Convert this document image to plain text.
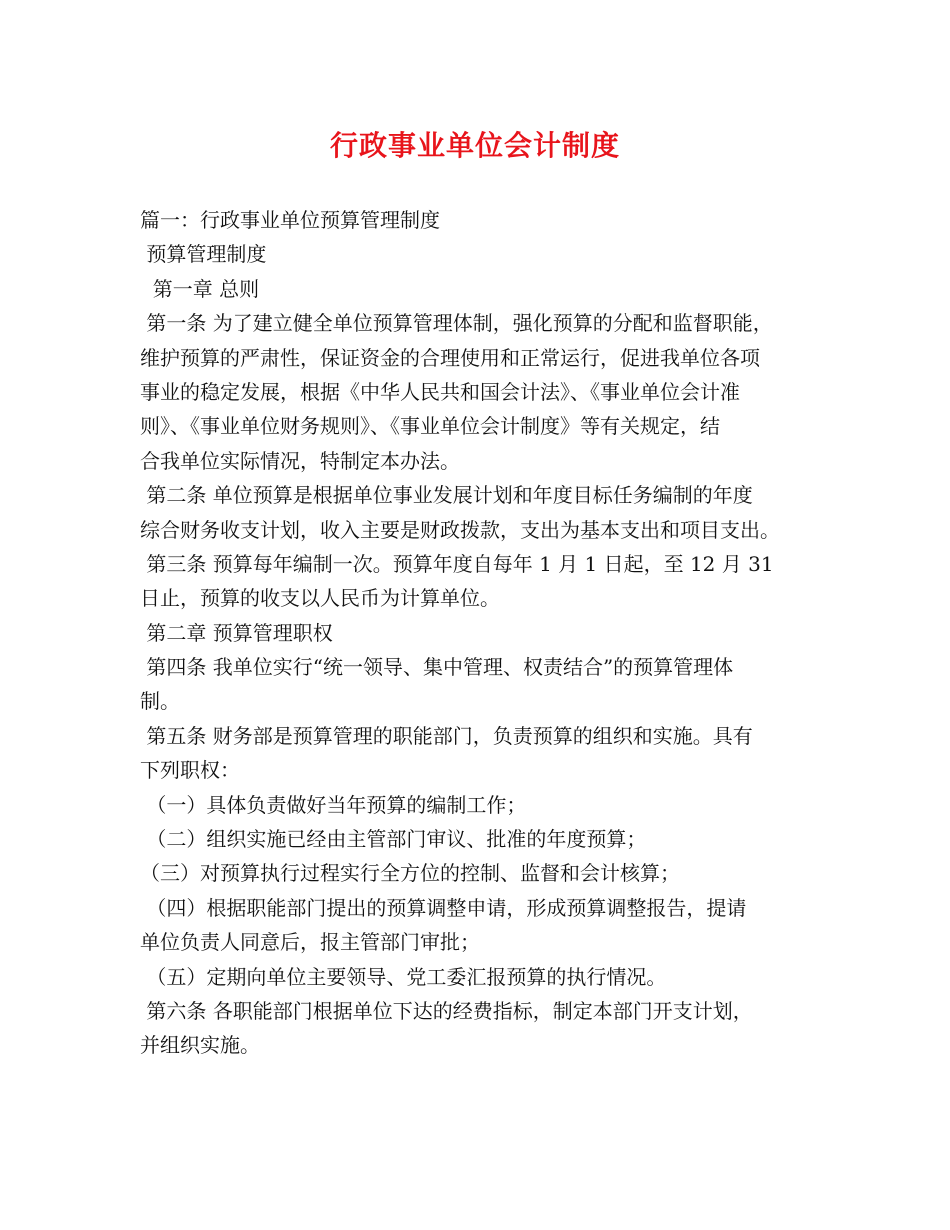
行政事业单位会计制度
篇一：行政事业单位预算管理制度
预算管理制度
第一章 总则
第一条 为了建立健全单位预算管理体制，强化预算的分配和监督职能，
维护预算的严肃性，保证资金的合理使用和正常运行，促进我单位各项
事业的稳定发展，根据《中华人民共和国会计法》、《事业单位会计准
则》、《事业单位财务规则》、《事业单位会计制度》等有关规定，结
合我单位实际情况，特制定本办法。
第二条 单位预算是根据单位事业发展计划和年度目标任务编制的年度
综合财务收支计划，收入主要是财政拨款，支出为基本支出和项目支出。
第三条 预算每年编制一次。预算年度自每年 1 月 1 日起，至 12 月 31
日止，预算的收支以人民币为计算单位。
第二章 预算管理职权
第四条 我单位实行“统一领导、集中管理、权责结合”的预算管理体
制。
第五条 财务部是预算管理的职能部门，负责预算的组织和实施。具有
下列职权：
（一）具体负责做好当年预算的编制工作；
（二）组织实施已经由主管部门审议、批准的年度预算；
（三）对预算执行过程实行全方位的控制、监督和会计核算；
（四）根据职能部门提出的预算调整申请，形成预算调整报告，提请
单位负责人同意后，报主管部门审批；
（五）定期向单位主要领导、党工委汇报预算的执行情况。
第六条 各职能部门根据单位下达的经费指标，制定本部门开支计划，
并组织实施。
